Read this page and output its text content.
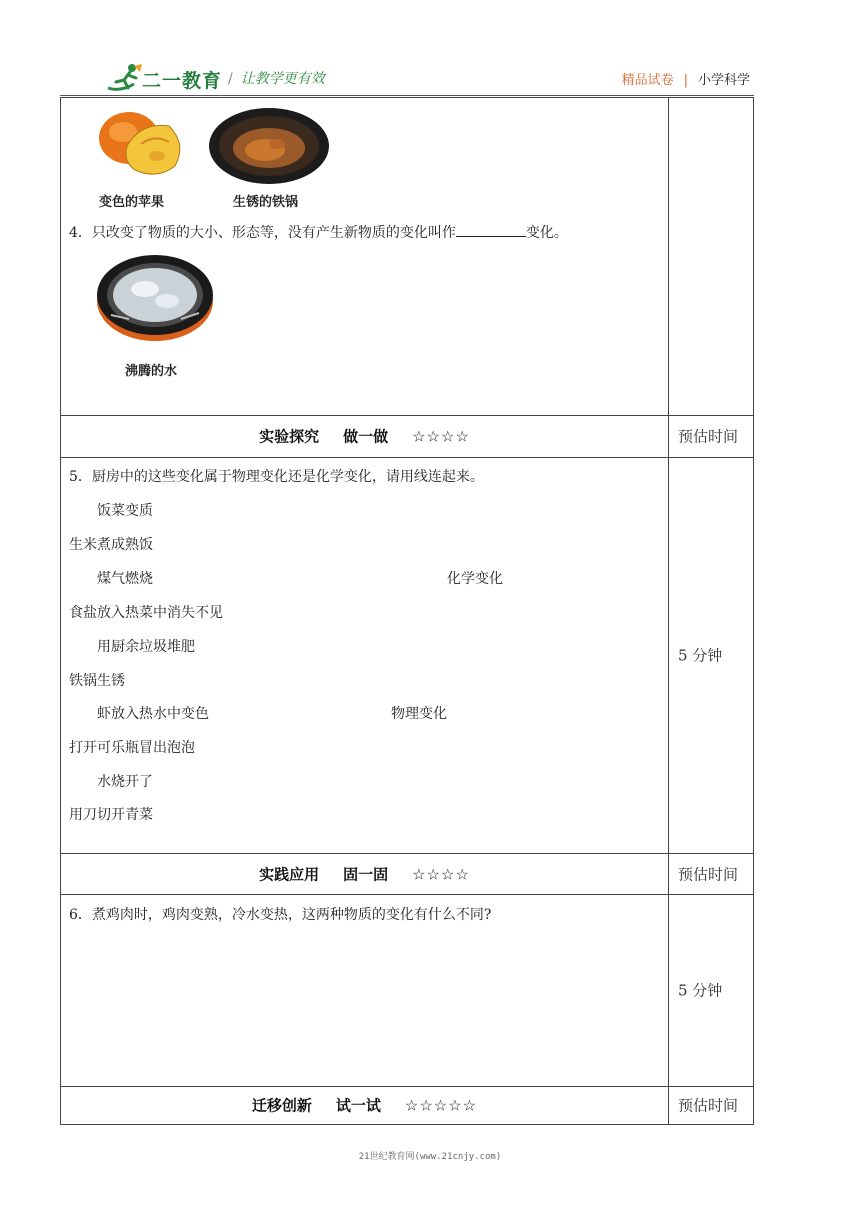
二一教育 / 让教学更有效	精品试卷 | 小学科学
变色的苹果	生锈的铁锅
4．只改变了物质的大小、形态等，没有产生新物质的变化叫作	变化。
沸腾的水
实验探究 做一做 ☆☆☆☆	预估时间
5．厨房中的这些变化属于物理变化还是化学变化，请用线连起来。
饭菜变质
生米煮成熟饭
煤气燃烧	化学变化
食盐放入热菜中消失不见
用厨余垃圾堆肥
铁锅生锈
虾放入热水中变色	物理变化
打开可乐瓶冒出泡泡
水烧开了
用刀切开青菜
5 分钟
实践应用 固一固 ☆☆☆☆	预估时间
6．煮鸡肉时，鸡肉变熟，冷水变热，这两种物质的变化有什么不同?
5 分钟
迁移创新 试一试 ☆☆☆☆☆	预估时间
21世纪教育网(www.21cnjy.com)
